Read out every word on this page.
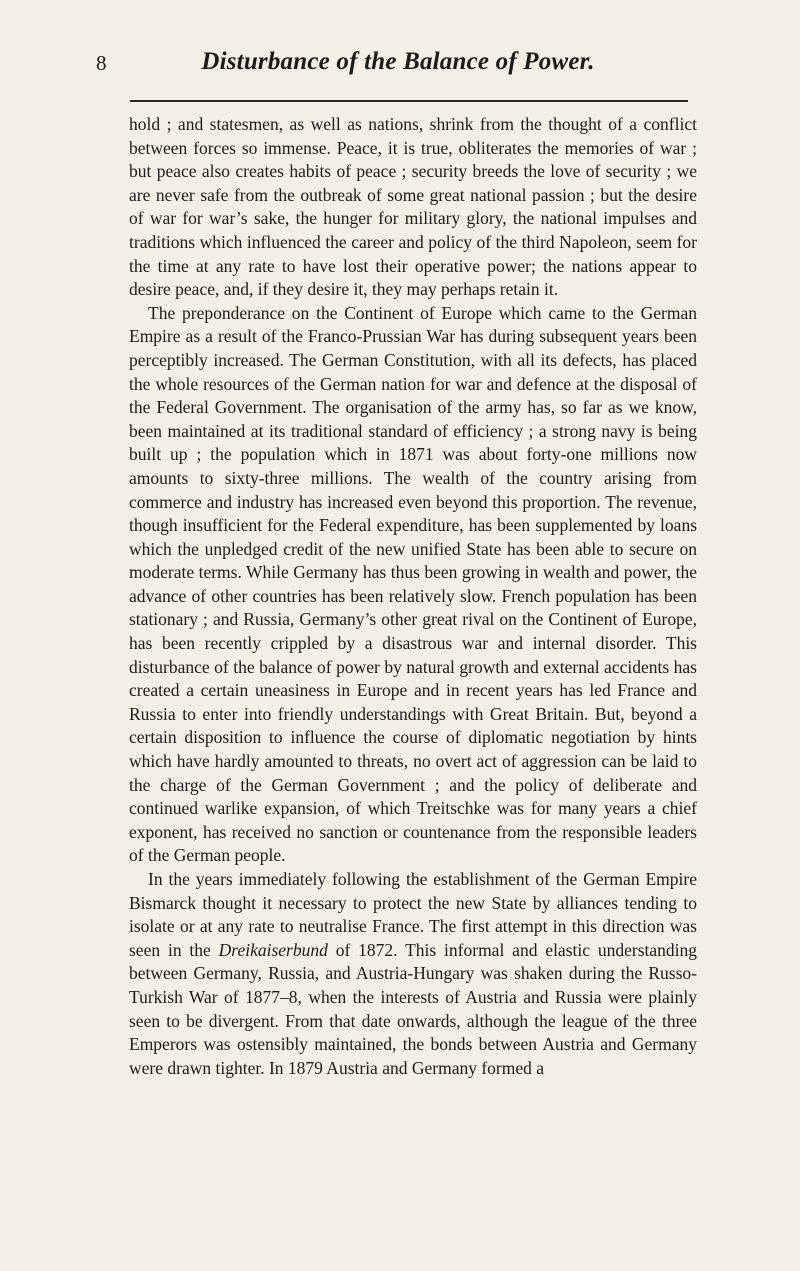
8	Disturbance of the Balance of Power.

hold ; and statesmen, as well as nations, shrink from the thought of a conflict between forces so immense. Peace, it is true, obliterates the memories of war ; but peace also creates habits of peace ; security breeds the love of security ; we are never safe from the outbreak of some great national passion ; but the desire of war for war’s sake, the hunger for military glory, the national impulses and traditions which influenced the career and policy of the third Napoleon, seem for the time at any rate to have lost their operative power; the nations appear to desire peace, and, if they desire it, they may perhaps retain it.

The preponderance on the Continent of Europe which came to the German Empire as a result of the Franco-Prussian War has during subsequent years been perceptibly increased. The German Constitution, with all its defects, has placed the whole resources of the German nation for war and defence at the disposal of the Federal Government. The organisation of the army has, so far as we know, been maintained at its traditional standard of efficiency ; a strong navy is being built up ; the population which in 1871 was about forty-one millions now amounts to sixty-three millions. The wealth of the country arising from commerce and industry has increased even beyond this proportion. The revenue, though insufficient for the Federal expenditure, has been supplemented by loans which the unpledged credit of the new unified State has been able to secure on moderate terms. While Germany has thus been growing in wealth and power, the advance of other countries has been relatively slow. French population has been stationary ; and Russia, Germany’s other great rival on the Continent of Europe, has been recently crippled by a disastrous war and internal disorder. This disturbance of the balance of power by natural growth and external accidents has created a certain uneasiness in Europe and in recent years has led France and Russia to enter into friendly understandings with Great Britain. But, beyond a certain disposition to influence the course of diplomatic negotiation by hints which have hardly amounted to threats, no overt act of aggression can be laid to the charge of the German Government ; and the policy of deliberate and continued warlike expansion, of which Treitschke was for many years a chief exponent, has received no sanction or countenance from the responsible leaders of the German people.

In the years immediately following the establishment of the German Empire Bismarck thought it necessary to protect the new State by alliances tending to isolate or at any rate to neutralise France. The first attempt in this direction was seen in the Dreikaiserbund of 1872. This informal and elastic understanding between Germany, Russia, and Austria-Hungary was shaken during the Russo-Turkish War of 1877–8, when the interests of Austria and Russia were plainly seen to be divergent. From that date onwards, although the league of the three Emperors was ostensibly maintained, the bonds between Austria and Germany were drawn tighter. In 1879 Austria and Germany formed a
